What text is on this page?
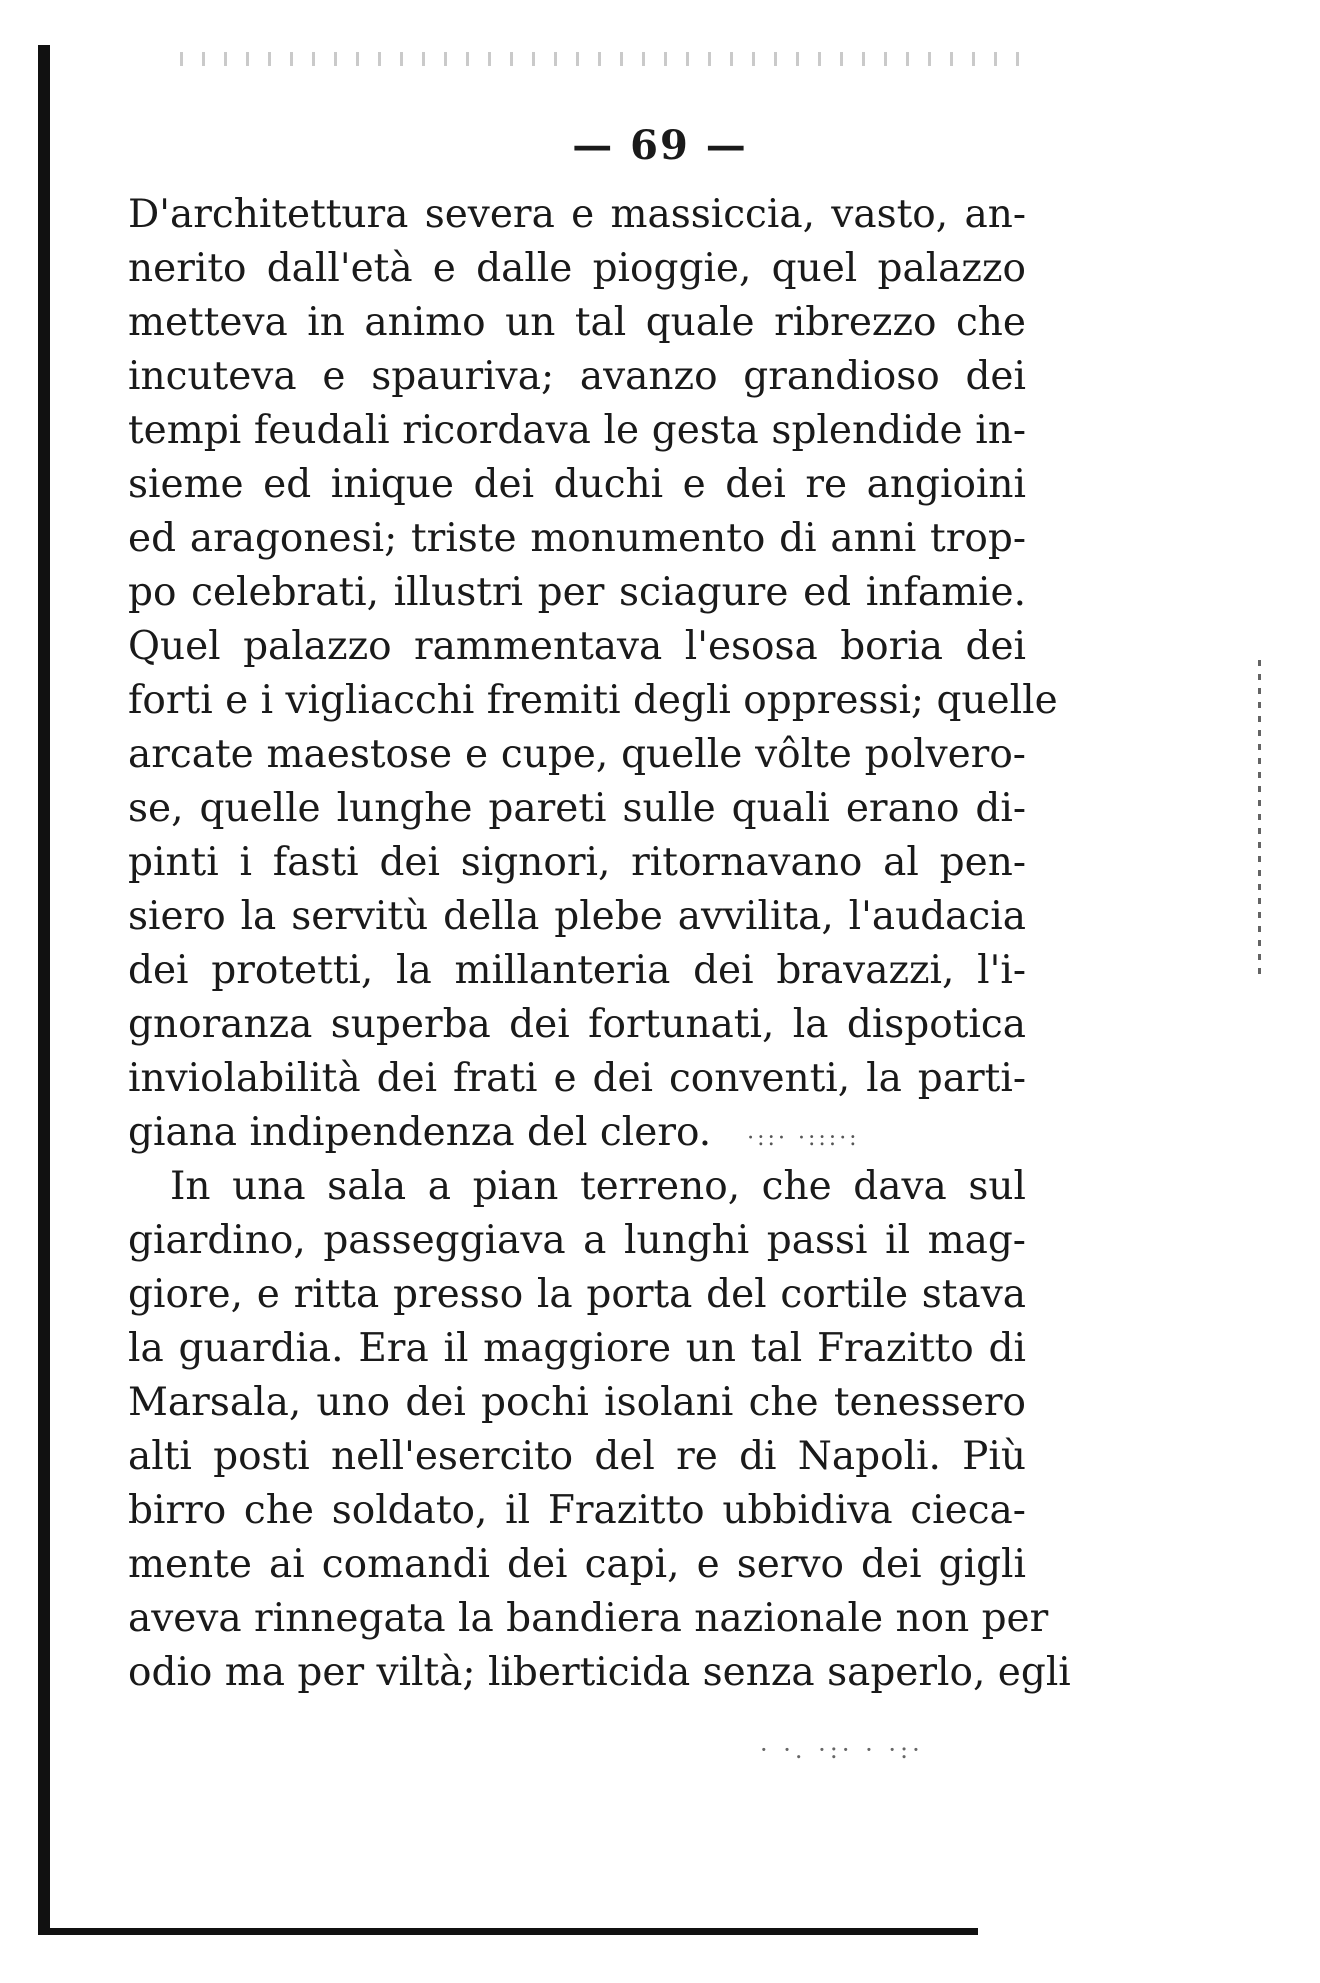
— 69 —
D'architettura severa e massiccia, vasto, an-
nerito dall'età e dalle pioggie, quel palazzo
metteva in animo un tal quale ribrezzo che
incuteva e spauriva; avanzo grandioso dei
tempi feudali ricordava le gesta splendide in-
sieme ed inique dei duchi e dei re angioini
ed aragonesi; triste monumento di anni trop-
po celebrati, illustri per sciagure ed infamie.
Quel palazzo rammentava l'esosa boria dei
forti e i vigliacchi fremiti degli oppressi; quelle
arcate maestose e cupe, quelle vôlte polvero-
se, quelle lunghe pareti sulle quali erano di-
pinti i fasti dei signori, ritornavano al pen-
siero la servitù della plebe avvilita, l'audacia
dei protetti, la millanteria dei bravazzi, l'i-
gnoranza superba dei fortunati, la dispotica
inviolabilità dei frati e dei conventi, la parti-
giana indipendenza del clero. ·::· ·:::·:
In una sala a pian terreno, che dava sul
giardino, passeggiava a lunghi passi il mag-
giore, e ritta presso la porta del cortile stava
la guardia. Era il maggiore un tal Frazitto di
Marsala, uno dei pochi isolani che tenessero
alti posti nell'esercito del re di Napoli. Più
birro che soldato, il Frazitto ubbidiva cieca-
mente ai comandi dei capi, e servo dei gigli
aveva rinnegata la bandiera nazionale non per
odio ma per viltà; liberticida senza saperlo, egli
· ·. ·:· · ·:·
